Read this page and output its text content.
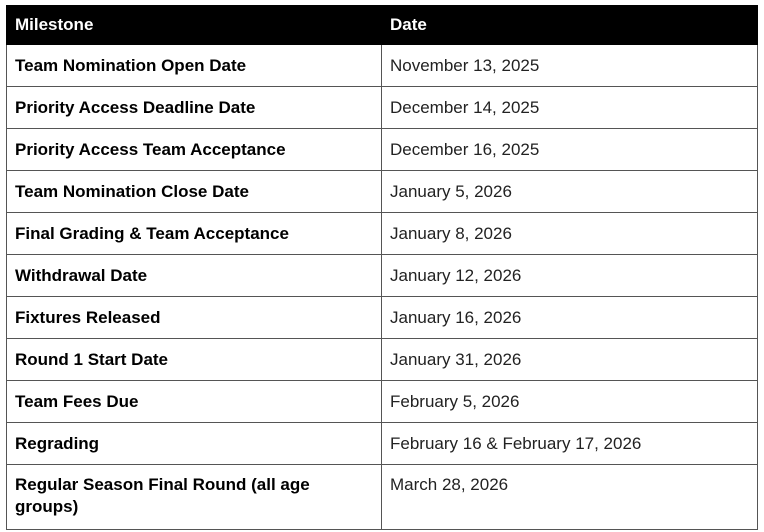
Milestone	Date
Team Nomination Open Date	November 13, 2025
Priority Access Deadline Date	December 14, 2025
Priority Access Team Acceptance	December 16, 2025
Team Nomination Close Date	January 5, 2026
Final Grading & Team Acceptance	January 8, 2026
Withdrawal Date	January 12, 2026
Fixtures Released	January 16, 2026
Round 1 Start Date	January 31, 2026
Team Fees Due	February 5, 2026
Regrading	February 16 & February 17, 2026
Regular Season Final Round (all age groups)	March 28, 2026
